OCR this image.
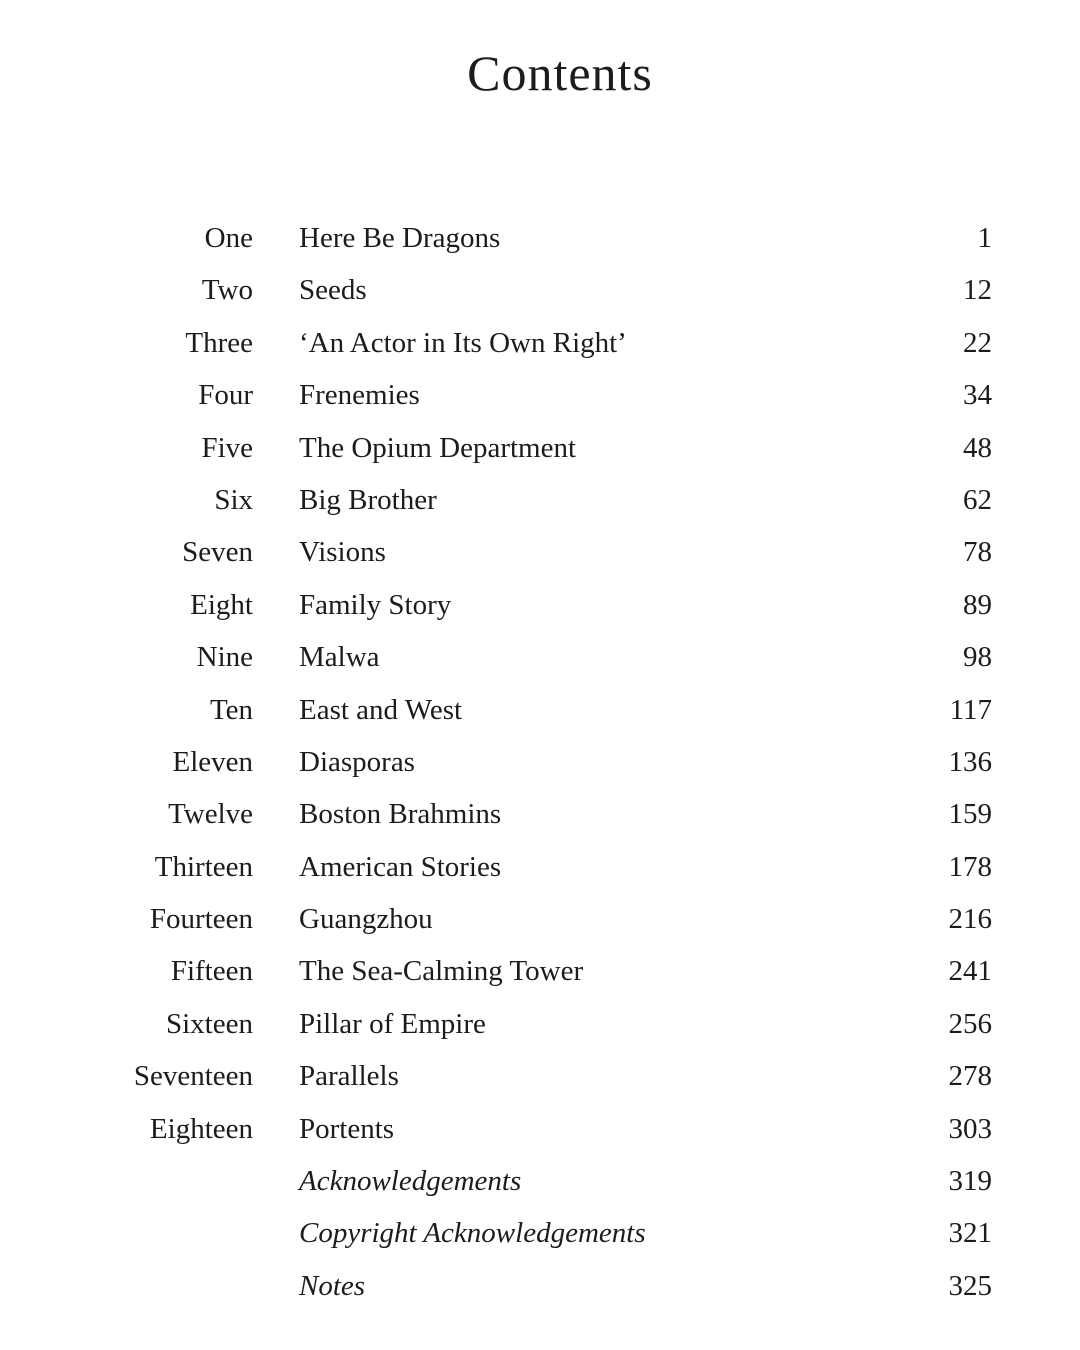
Contents
One Here Be Dragons	1
Two Seeds	12
Three ‘An Actor in Its Own Right’	22
Four Frenemies	34
Five The Opium Department	48
Six Big Brother	62
Seven Visions	78
Eight Family Story	89
Nine Malwa	98
Ten East and West	117
Eleven Diasporas	136
Twelve Boston Brahmins	159
Thirteen American Stories	178
Fourteen Guangzhou	216
Fifteen The Sea-Calming Tower	241
Sixteen Pillar of Empire	256
Seventeen Parallels	278
Eighteen Portents	303
Acknowledgements	319
Copyright Acknowledgements	321
Notes	325
